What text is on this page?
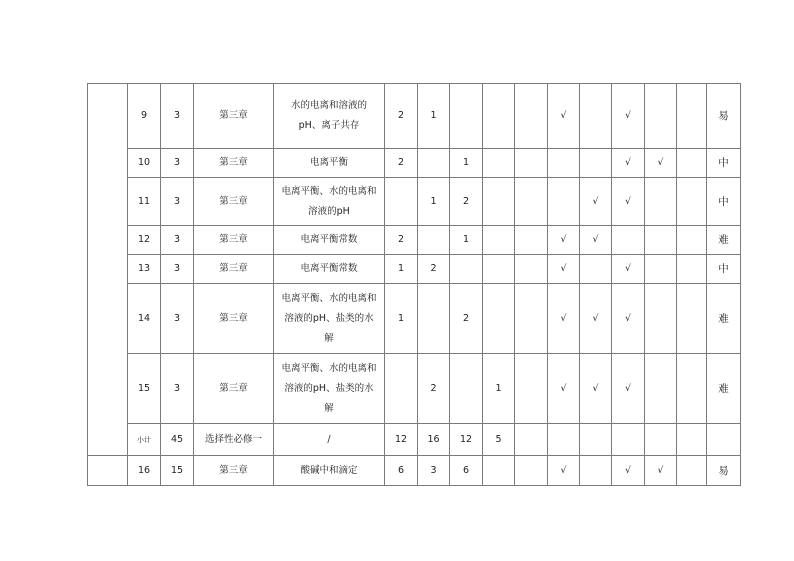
	9	3	第三章	水的电离和溶液的
pH、离子共存	2	1				√		√			易
	10	3	第三章	电离平衡	2		1					√	√		中
	11	3	第三章	电离平衡、水的电离和
溶液的pH		1	2				√	√			中
	12	3	第三章	电离平衡常数	2		1			√	√				难
	13	3	第三章	电离平衡常数	1	2				√		√			中
	14	3	第三章	电离平衡、水的电离和
溶液的pH、盐类的水
解	1		2			√	√	√			难
	15	3	第三章	电离平衡、水的电离和
溶液的pH、盐类的水
解		2		1		√	√	√			难
	小计	45	选择性必修一	/	12	16	12	5							
	16	15	第三章	酸碱中和滴定	6	3	6			√		√	√		易
